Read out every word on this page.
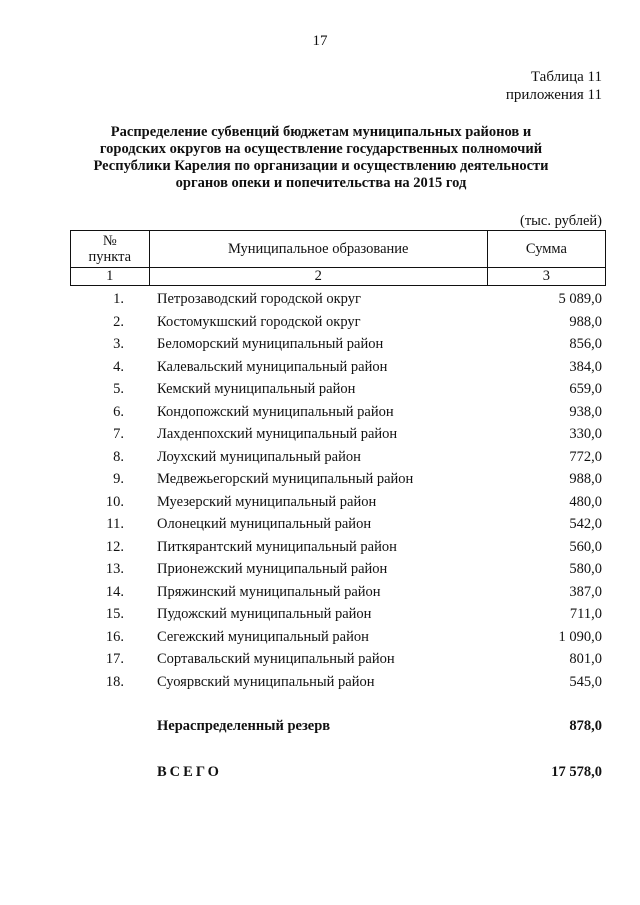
17
Таблица 11
приложения 11
Распределение субвенций бюджетам муниципальных районов и
городских округов на осуществление государственных полномочий
Республики Карелия по организации и осуществлению деятельности
органов опеки и попечительства на 2015 год
(тыс. рублей)
№
пункта	Муниципальное образование	Сумма
1	2	3
1. Петрозаводский городской округ	5 089,0
2. Костомукшский городской округ	988,0
3. Беломорский муниципальный район	856,0
4. Калевальский муниципальный район	384,0
5. Кемский муниципальный район	659,0
6. Кондопожский муниципальный район	938,0
7. Лахденпохский муниципальный район	330,0
8. Лоухский муниципальный район	772,0
9. Медвежьегорский муниципальный район	988,0
10. Муезерский муниципальный район	480,0
11. Олонецкий муниципальный район	542,0
12. Питкярантский муниципальный район	560,0
13. Прионежский муниципальный район	580,0
14. Пряжинский муниципальный район	387,0
15. Пудожский муниципальный район	711,0
16. Сегежский муниципальный район	1 090,0
17. Сортавальский муниципальный район	801,0
18. Суоярвский муниципальный район	545,0
Нераспределенный резерв	878,0
ВСЕГО	17 578,0
